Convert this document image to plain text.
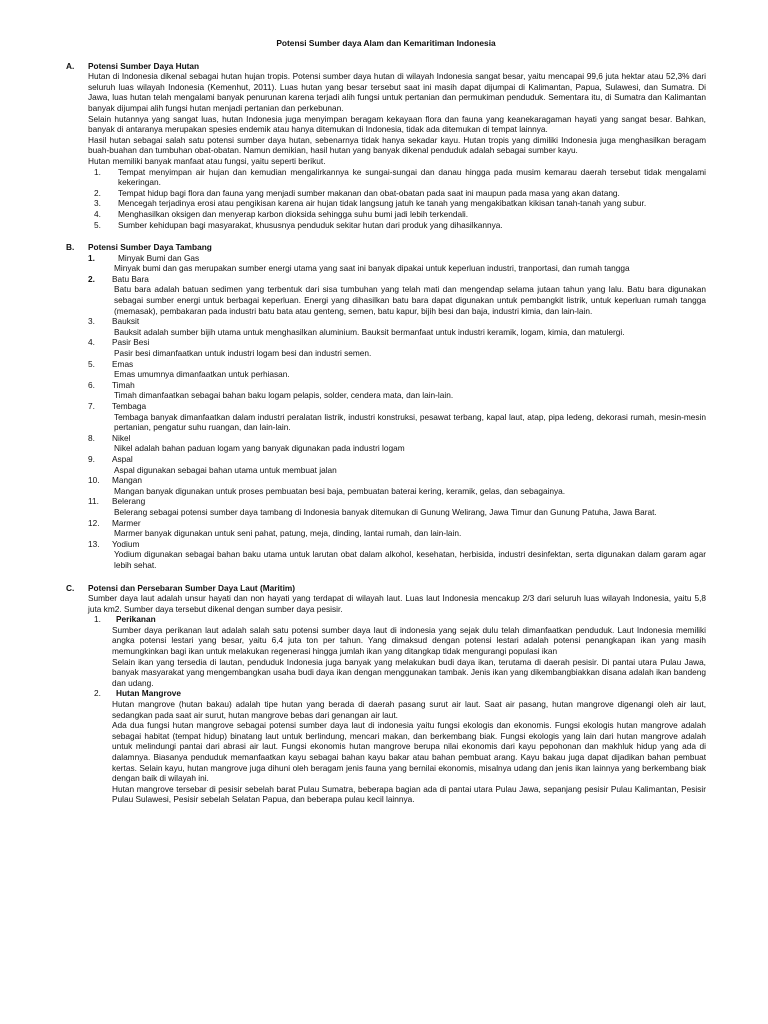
Potensi Sumber daya Alam dan Kemaritiman Indonesia
A.	Potensi Sumber Daya Hutan

Hutan di Indonesia dikenal sebagai hutan hujan tropis. Potensi sumber daya hutan di wilayah Indonesia sangat besar, yaitu mencapai 99,6 juta hektar atau 52,3% dari seluruh luas wilayah Indonesia (Kemenhut, 2011). Luas hutan yang besar tersebut saat ini masih dapat dijumpai di Kalimantan, Papua, Sulawesi, dan Sumatra. Di Jawa, luas hutan telah mengalami banyak penurunan karena terjadi alih fungsi untuk pertanian dan permukiman penduduk. Sementara itu, di Sumatra dan Kalimantan banyak dijumpai alih fungsi hutan menjadi pertanian dan perkebunan.

Selain hutannya yang sangat luas, hutan Indonesia juga menyimpan beragam kekayaan flora dan fauna yang keanekaragaman hayati yang sangat besar. Bahkan, banyak di antaranya merupakan spesies endemik atau hanya ditemukan di Indonesia, tidak ada ditemukan di tempat lainnya.

Hasil hutan sebagai salah satu potensi sumber daya hutan, sebenarnya tidak hanya sekadar kayu. Hutan tropis yang dimiliki Indonesia juga menghasilkan beragam buah-buahan dan tumbuhan obat-obatan. Namun demikian, hasil hutan yang banyak dikenal penduduk adalah sebagai sumber kayu.

Hutan memiliki banyak manfaat atau fungsi, yaitu seperti berikut.

1.	Tempat menyimpan air hujan dan kemudian mengalirkannya ke sungai-sungai dan danau hingga pada musim kemarau daerah tersebut tidak mengalami kekeringan.
2.	Tempat hidup bagi flora dan fauna yang menjadi sumber makanan dan obat-obatan pada saat ini maupun pada masa yang akan datang.
3.	Mencegah terjadinya erosi atau pengikisan karena air hujan tidak langsung jatuh ke tanah yang mengakibatkan kikisan tanah-tanah yang subur.
4.	Menghasilkan oksigen dan menyerap karbon dioksida sehingga suhu bumi jadi lebih terkendali.
5.	Sumber kehidupan bagi masyarakat, khususnya penduduk sekitar hutan dari produk yang dihasilkannya.
B.	Potensi Sumber Daya Tambang
1.	Minyak Bumi dan Gas
Minyak bumi dan gas merupakan sumber energi utama yang saat ini banyak dipakai untuk keperluan industri, tranportasi, dan rumah tangga
2.	Batu Bara
Batu bara adalah batuan sedimen yang terbentuk dari sisa tumbuhan yang telah mati dan mengendap selama jutaan tahun yang lalu. Batu bara digunakan sebagai sumber energi untuk berbagai keperluan. Energi yang dihasilkan batu bara dapat digunakan untuk pembangkit listrik, untuk keperluan rumah tangga (memasak), pembakaran pada industri batu bata atau genteng, semen, batu kapur, bijih besi dan baja, industri kimia, dan lain-lain.
3.	Bauksit
Bauksit adalah sumber bijih utama untuk menghasilkan aluminium. Bauksit bermanfaat untuk industri keramik, logam, kimia, dan matulergi.
4.	Pasir Besi
Pasir besi dimanfaatkan untuk industri logam besi dan industri semen.
5.	Emas
Emas umumnya dimanfaatkan untuk perhiasan.
6.	Timah
Timah dimanfaatkan sebagai bahan baku logam pelapis, solder, cendera mata, dan lain-lain.
7.	Tembaga
Tembaga banyak dimanfaatkan dalam industri peralatan listrik, industri konstruksi, pesawat terbang, kapal laut, atap, pipa ledeng, dekorasi rumah, mesin-mesin pertanian, pengatur suhu ruangan, dan lain-lain.
8.	Nikel
Nikel adalah bahan paduan logam yang banyak digunakan pada industri logam
9.	Aspal
Aspal digunakan sebagai bahan utama untuk membuat jalan
10.	Mangan
Mangan banyak digunakan untuk proses pembuatan besi baja, pembuatan baterai kering, keramik, gelas, dan sebagainya.
11.	Belerang
Belerang sebagai potensi sumber daya tambang di Indonesia banyak ditemukan di Gunung Welirang, Jawa Timur dan Gunung Patuha, Jawa Barat.
12.	Marmer
Marmer banyak digunakan untuk seni pahat, patung, meja, dinding, lantai rumah, dan lain-lain.
13.	Yodium
Yodium digunakan sebagai bahan baku utama untuk larutan obat dalam alkohol, kesehatan, herbisida, industri desinfektan, serta digunakan dalam garam agar lebih sehat.
C.	Potensi dan Persebaran Sumber Daya Laut (Maritim)

Sumber daya laut adalah unsur hayati dan non hayati yang terdapat di wilayah laut. Luas laut Indonesia mencakup 2/3 dari seluruh luas wilayah Indonesia, yaitu 5,8 juta km2. Sumber daya tersebut dikenal dengan sumber daya pesisir.

1.	Perikanan

Sumber daya perikanan laut adalah salah satu potensi sumber daya laut di indonesia yang sejak dulu telah dimanfaatkan penduduk. Laut Indonesia memiliki angka potensi lestari yang besar, yaitu 6,4 juta ton per tahun. Yang dimaksud dengan potensi lestari adalah potensi penangkapan ikan yang masih memungkinkan bagi ikan untuk melakukan regenerasi hingga jumlah ikan yang ditangkap tidak mengurangi populasi ikan

Selain ikan yang tersedia di lautan, penduduk Indonesia juga banyak yang melakukan budi daya ikan, terutama di daerah pesisir. Di pantai utara Pulau Jawa, banyak masyarakat yang mengembangkan usaha budi daya ikan dengan menggunakan tambak. Jenis ikan yang dikembangbiakkan disana adalah ikan bandeng dan udang.

2.	Hutan Mangrove

Hutan mangrove (hutan bakau) adalah tipe hutan yang berada di daerah pasang surut air laut. Saat air pasang, hutan mangrove digenangi oleh air laut, sedangkan pada saat air surut, hutan mangrove bebas dari genangan air laut.

Ada dua fungsi hutan mangrove sebagai potensi sumber daya laut di indonesia yaitu fungsi ekologis dan ekonomis. Fungsi ekologis hutan mangrove adalah sebagai habitat (tempat hidup) binatang laut untuk berlindung, mencari makan, dan berkembang biak. Fungsi ekologis yang lain dari hutan mangrove adalah untuk melindungi pantai dari abrasi air laut. Fungsi ekonomis hutan mangrove berupa nilai ekonomis dari kayu pepohonan dan makhluk hidup yang ada di dalamnya. Biasanya penduduk memanfaatkan kayu sebagai bahan kayu bakar atau bahan pembuat arang. Kayu bakau juga dapat dijadikan bahan pembuat kertas. Selain kayu, hutan mangrove juga dihuni oleh beragam jenis fauna yang bernilai ekonomis, misalnya udang dan jenis ikan lainnya yang berkembang biak dengan baik di wilayah ini.

Hutan mangrove tersebar di pesisir sebelah barat Pulau Sumatra, beberapa bagian ada di pantai utara Pulau Jawa, sepanjang pesisir Pulau Kalimantan, Pesisir Pulau Sulawesi, Pesisir sebelah Selatan Papua, dan beberapa pulau kecil lainnya.
